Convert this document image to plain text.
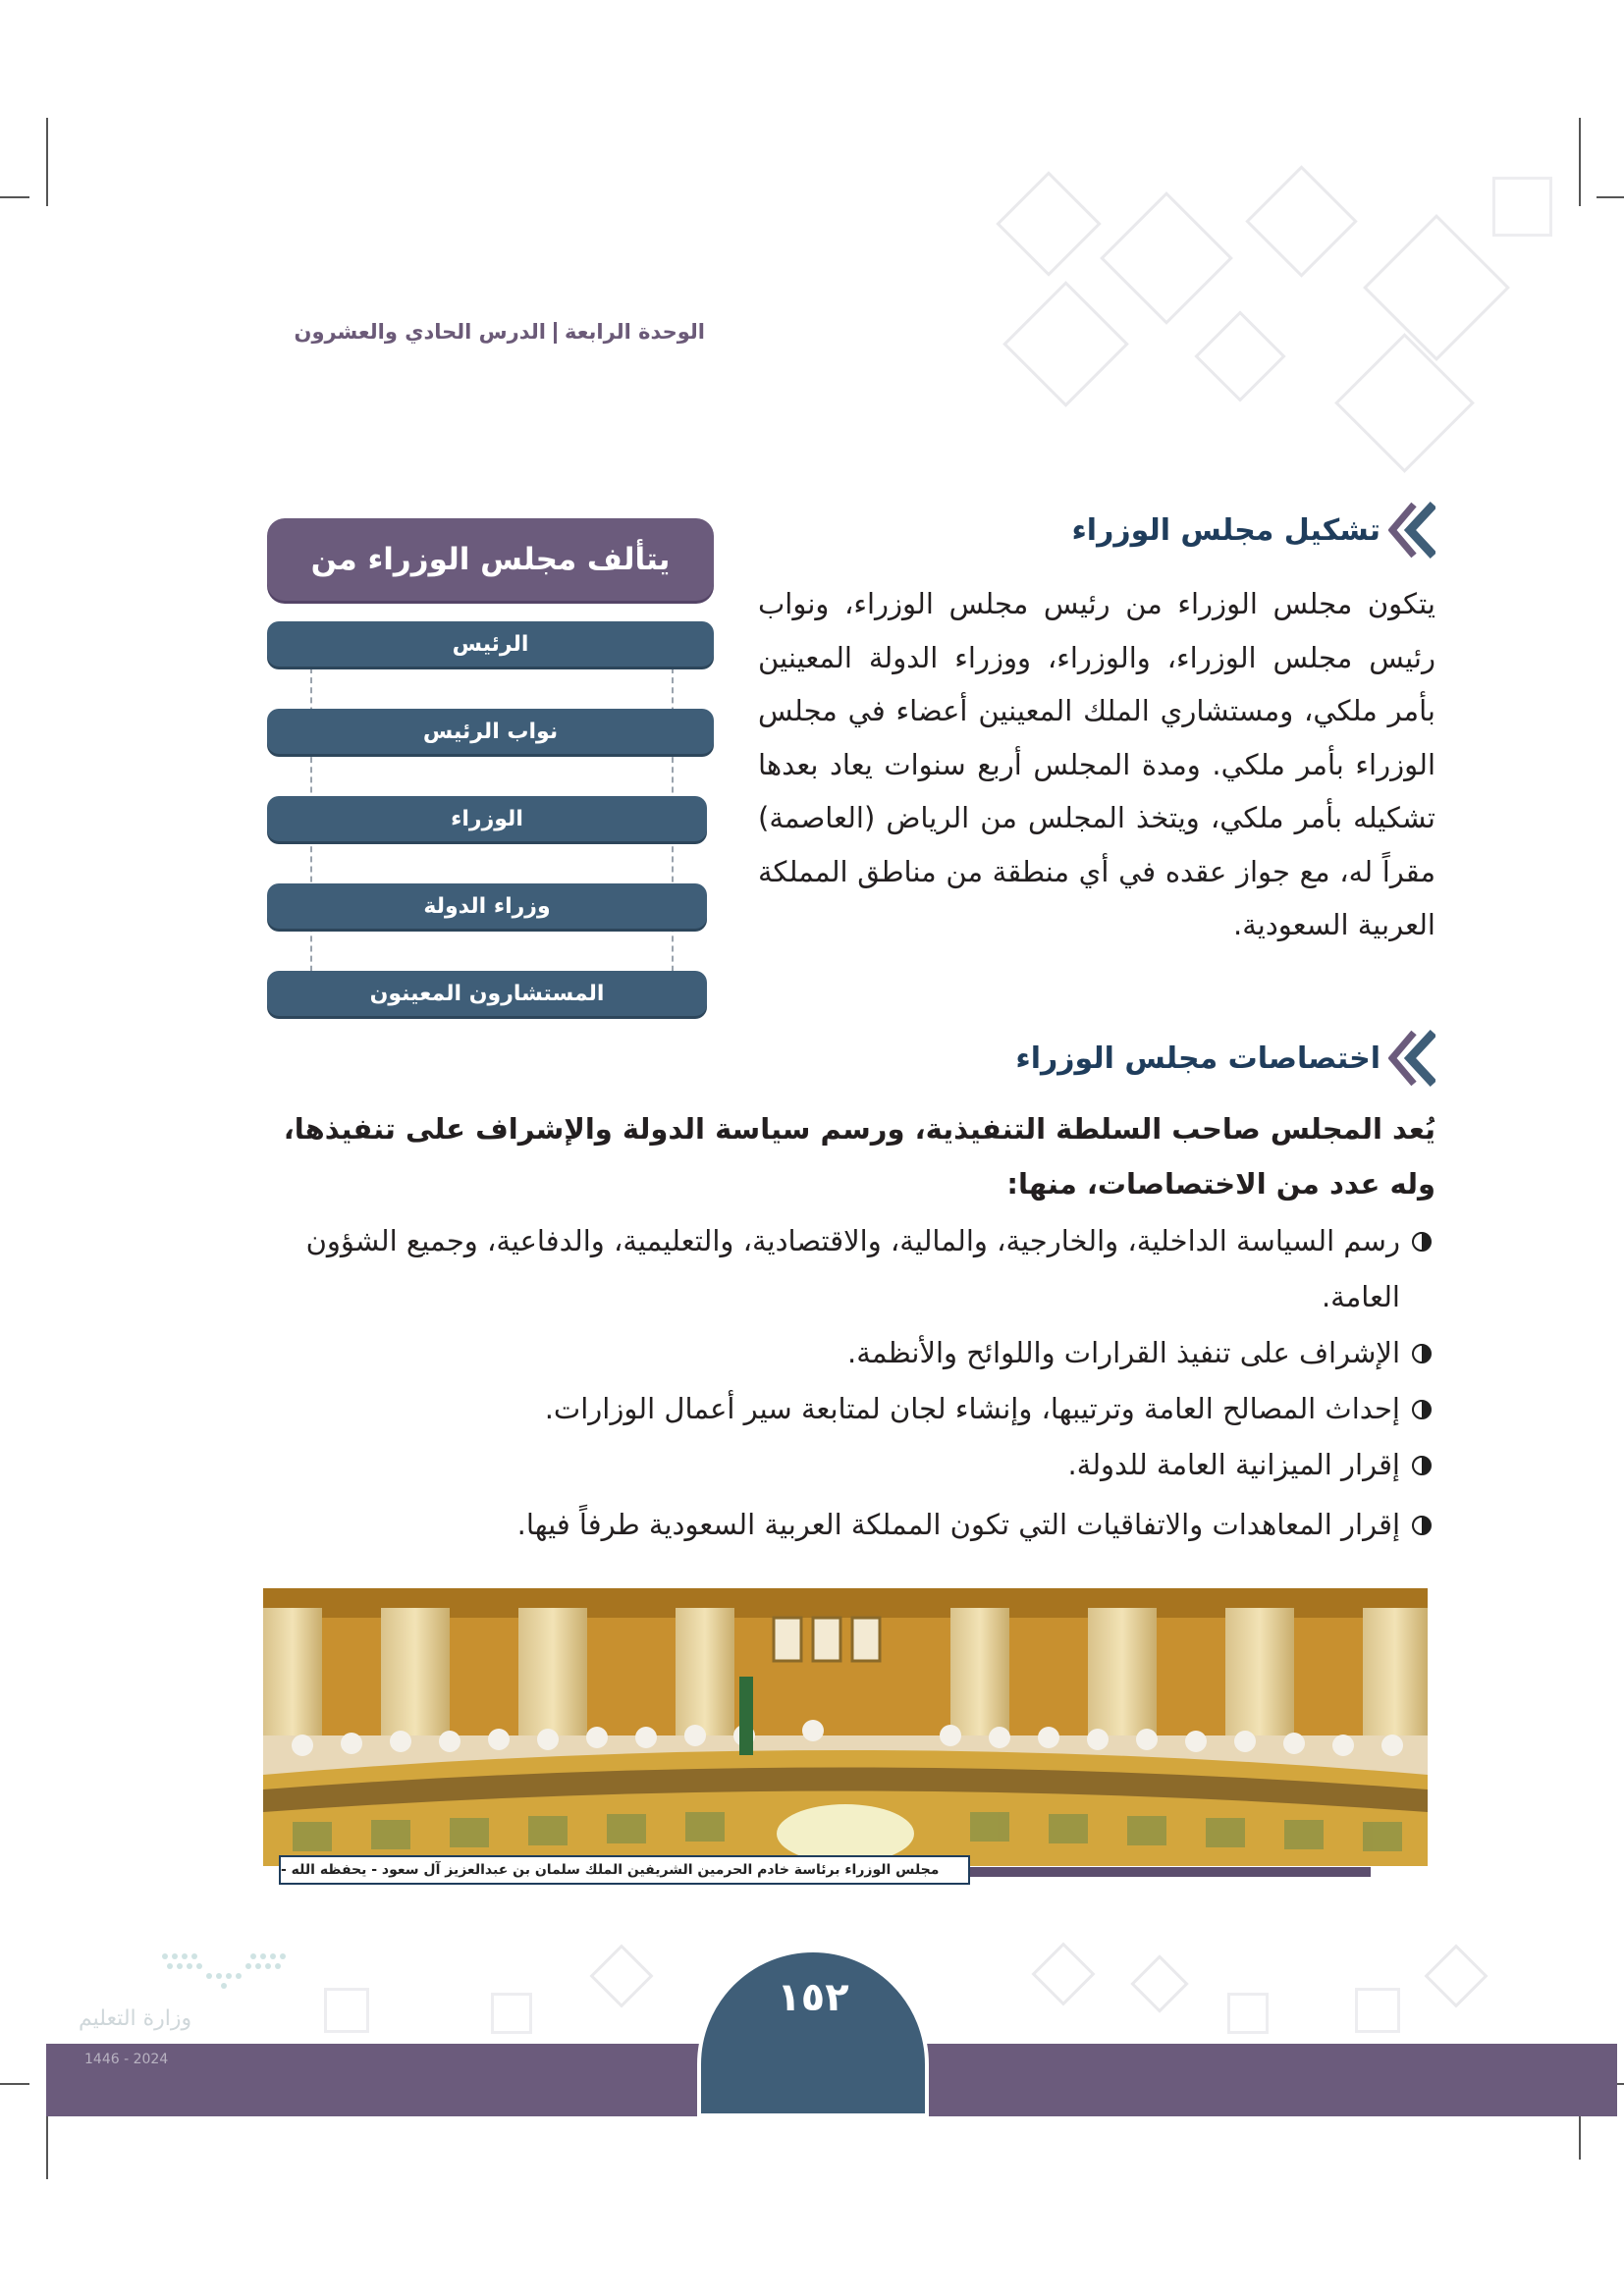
الوحدة الرابعةالدرس الحادي والعشرون
تشكيل مجلس الوزراء
يتكون مجلس الوزراء من رئيس مجلس الوزراء، ونواب رئيس مجلس الوزراء، والوزراء، ووزراء الدولة المعينين بأمر ملكي، ومستشاري الملك المعينين أعضاء في مجلس الوزراء بأمر ملكي. ومدة المجلس أربع سنوات يعاد بعدها تشكيله بأمر ملكي، ويتخذ المجلس من الرياض (العاصمة) مقراً له، مع جواز عقده في أي منطقة من مناطق المملكة العربية السعودية.
يتألف مجلس الوزراء من
الرئيس
نواب الرئيس
الوزراء
وزراء الدولة
المستشارون المعينون
اختصاصات مجلس الوزراء
يُعد المجلس صاحب السلطة التنفيذية، ورسم سياسة الدولة والإشراف على تنفيذها، وله عدد من الاختصاصات، منها:
رسم السياسة الداخلية، والخارجية، والمالية، والاقتصادية، والتعليمية، والدفاعية، وجميع الشؤون العامة.
الإشراف على تنفيذ القرارات واللوائح والأنظمة.
إحداث المصالح العامة وترتيبها، وإنشاء لجان لمتابعة سير أعمال الوزارات.
إقرار الميزانية العامة للدولة.
إقرار المعاهدات والاتفاقيات التي تكون المملكة العربية السعودية طرفاً فيها.
مجلس الوزراء برئاسة خادم الحرمين الشريفين الملك سلمان بن عبدالعزيز آل سعود - يحفظه الله -
١٥٢
وزارة التعليم
2024 - 1446
